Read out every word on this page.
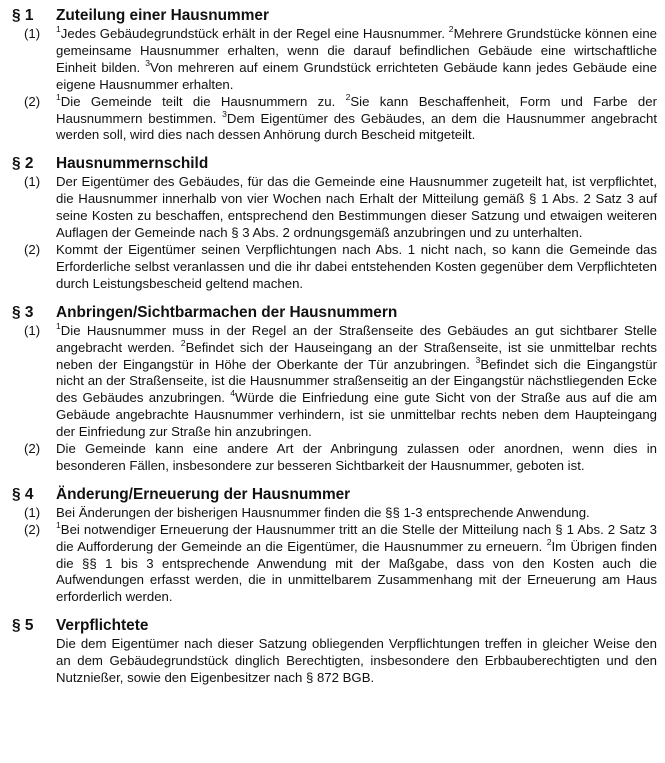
§ 1	Zuteilung einer Hausnummer
(1)	$^1$Jedes Gebäudegrundstück erhält in der Regel eine Hausnummer. $^2$Mehrere Grundstücke können eine gemeinsame Hausnummer erhalten, wenn die darauf befindlichen Gebäude eine wirtschaftliche Einheit bilden. $^3$Von mehreren auf einem Grundstück errichteten Gebäude kann jedes Gebäude eine eigene Hausnummer erhalten.
(2)	$^1$Die Gemeinde teilt die Hausnummern zu. $^2$Sie kann Beschaffenheit, Form und Farbe der Hausnummern bestimmen. $^3$Dem Eigentümer des Gebäudes, an dem die Hausnummer angebracht werden soll, wird dies nach dessen Anhörung durch Bescheid mitgeteilt.
§ 2	Hausnummernschild
(1)	Der Eigentümer des Gebäudes, für das die Gemeinde eine Hausnummer zugeteilt hat, ist verpflichtet, die Hausnummer innerhalb von vier Wochen nach Erhalt der Mitteilung gemäß § 1 Abs. 2 Satz 3 auf seine Kosten zu beschaffen, entsprechend den Bestimmungen dieser Satzung und etwaigen weiteren Auflagen der Gemeinde nach § 3 Abs. 2 ordnungsgemäß anzubringen und zu unterhalten.
(2)	Kommt der Eigentümer seinen Verpflichtungen nach Abs. 1 nicht nach, so kann die Gemeinde das Erforderliche selbst veranlassen und die ihr dabei entstehenden Kosten gegenüber dem Verpflichteten durch Leistungsbescheid geltend machen.
§ 3	Anbringen/Sichtbarmachen der Hausnummern
(1)	$^1$Die Hausnummer muss in der Regel an der Straßenseite des Gebäudes an gut sichtbarer Stelle angebracht werden. $^2$Befindet sich der Hauseingang an der Straßenseite, ist sie unmittelbar rechts neben der Eingangstür in Höhe der Oberkante der Tür anzubringen. $^3$Befindet sich die Eingangstür nicht an der Straßenseite, ist die Hausnummer straßenseitig an der Eingangstür nächstliegenden Ecke des Gebäudes anzubringen. $^4$Würde die Einfriedung eine gute Sicht von der Straße aus auf die am Gebäude angebrachte Hausnummer verhindern, ist sie unmittelbar rechts neben dem Haupteingang der Einfriedung zur Straße hin anzubringen.
(2)	Die Gemeinde kann eine andere Art der Anbringung zulassen oder anordnen, wenn dies in besonderen Fällen, insbesondere zur besseren Sichtbarkeit der Hausnummer, geboten ist.
§ 4	Änderung/Erneuerung der Hausnummer
(1)	Bei Änderungen der bisherigen Hausnummer finden die §§ 1-3 entsprechende Anwendung.
(2)	$^1$Bei notwendiger Erneuerung der Hausnummer tritt an die Stelle der Mitteilung nach § 1 Abs. 2 Satz 3 die Aufforderung der Gemeinde an die Eigentümer, die Hausnummer zu erneuern. $^2$Im Übrigen finden die §§ 1 bis 3 entsprechende Anwendung mit der Maßgabe, dass von den Kosten auch die Aufwendungen erfasst werden, die in unmittelbarem Zusammenhang mit der Erneuerung am Haus erforderlich werden.
§ 5	Verpflichtete
Die dem Eigentümer nach dieser Satzung obliegenden Verpflichtungen treffen in gleicher Weise den an dem Gebäudegrundstück dinglich Berechtigten, insbesondere den Erbbauberechtigten und den Nutznießer, sowie den Eigenbesitzer nach § 872 BGB.
